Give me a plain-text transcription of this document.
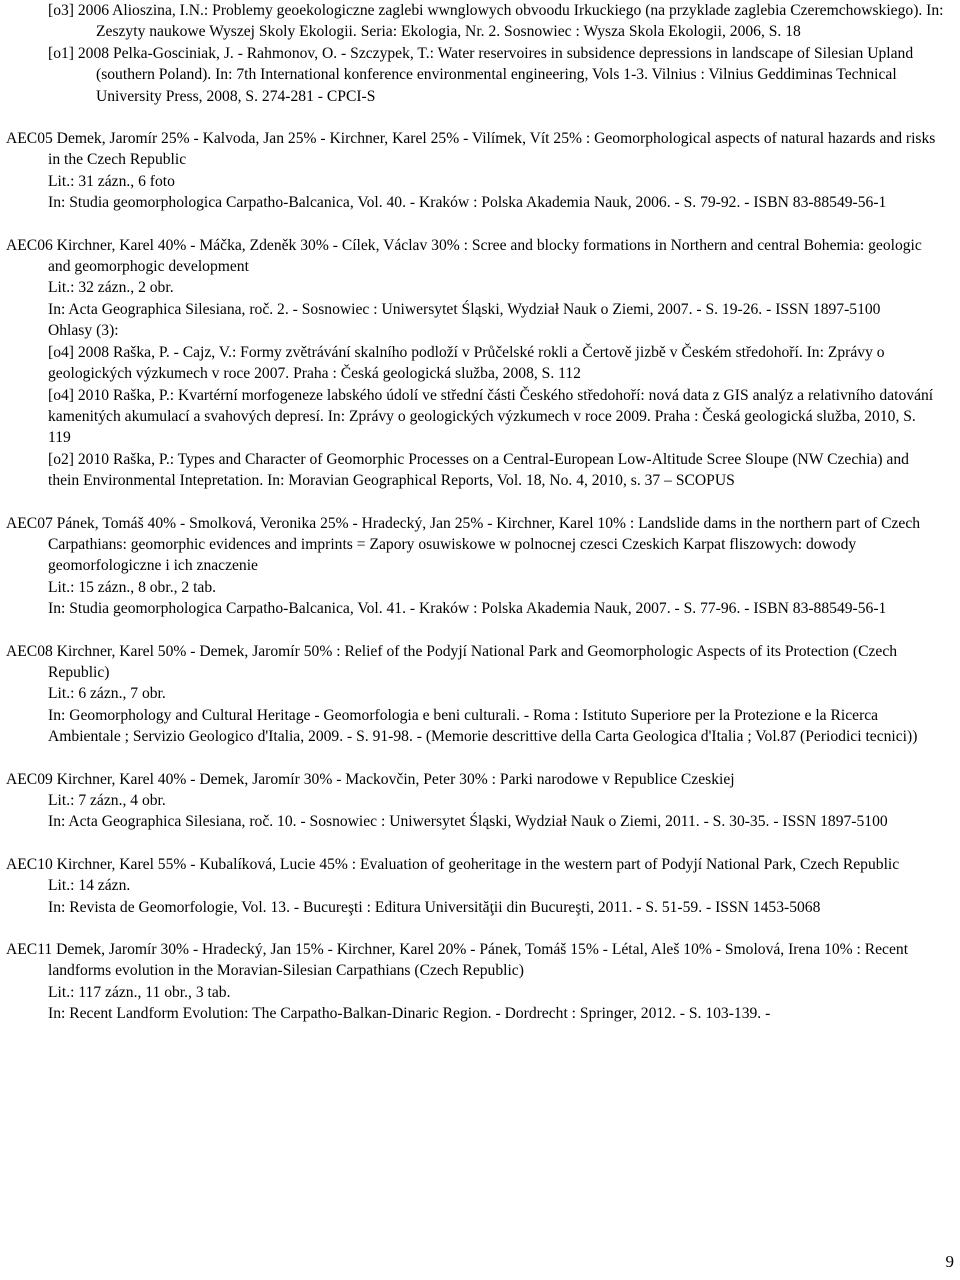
[o3] 2006 Alioszina, I.N.: Problemy geoekologiczne zaglebi wwnglowych obvoodu Irkuckiego (na przyklade zaglebia Czeremchowskiego). In: Zeszyty naukowe Wyszej Skoly Ekologii. Seria: Ekologia, Nr. 2. Sosnowiec : Wysza Skola Ekologii, 2006, S. 18
[o1] 2008 Pelka-Gosciniak, J. - Rahmonov, O. - Szczypek, T.: Water reservoires in subsidence depressions in landscape of Silesian Upland (southern Poland). In: 7th International konference environmental engineering, Vols 1-3. Vilnius : Vilnius Geddiminas Technical University Press, 2008, S. 274-281 - CPCI-S
AEC05 Demek, Jaromír 25% - Kalvoda, Jan 25% - Kirchner, Karel 25% - Vilímek, Vít 25% : Geomorphological aspects of natural hazards and risks in the Czech Republic
Lit.: 31 zázn., 6 foto
In: Studia geomorphologica Carpatho-Balcanica, Vol. 40. - Kraków : Polska Akademia Nauk, 2006. - S. 79-92. - ISBN 83-88549-56-1
AEC06 Kirchner, Karel 40% - Máčka, Zdeněk 30% - Cílek, Václav 30% : Scree and blocky formations in Northern and central Bohemia: geologic and geomorphogic development
Lit.: 32 zázn., 2 obr.
In: Acta Geographica Silesiana, roč. 2. - Sosnowiec : Uniwersytet Śląski, Wydział Nauk o Ziemi, 2007. - S. 19-26. - ISSN 1897-5100
Ohlasy (3):
[o4] 2008 Raška, P. - Cajz, V.: Formy zvětrávání skalního podloží v Průčelské rokli a Čertově jizbě v Českém středohoří. In: Zprávy o geologických výzkumech v roce 2007. Praha : Česká geologická služba, 2008, S. 112
[o4] 2010 Raška, P.: Kvartérní morfogeneze labského údolí ve střední části Českého středohoří: nová data z GIS analýz a relativního datování kamenitých akumulací a svahových depresí. In: Zprávy o geologických výzkumech v roce 2009. Praha : Česká geologická služba, 2010, S. 119
[o2] 2010 Raška, P.: Types and Character of Geomorphic Processes on a Central-European Low-Altitude Scree Sloupe (NW Czechia) and thein Environmental Intepretation. In: Moravian Geographical Reports, Vol. 18, No. 4, 2010, s. 37 – SCOPUS
AEC07 Pánek, Tomáš 40% - Smolková, Veronika 25% - Hradecký, Jan 25% - Kirchner, Karel 10% : Landslide dams in the northern part of Czech Carpathians: geomorphic evidences and imprints = Zapory osuwiskowe w polnocnej czesci Czeskich Karpat fliszowych: dowody geomorfologiczne i ich znaczenie
Lit.: 15 zázn., 8 obr., 2 tab.
In: Studia geomorphologica Carpatho-Balcanica, Vol. 41. - Kraków : Polska Akademia Nauk, 2007. - S. 77-96. - ISBN 83-88549-56-1
AEC08 Kirchner, Karel 50% - Demek, Jaromír 50% : Relief of the Podyjí National Park and Geomorphologic Aspects of its Protection (Czech Republic)
Lit.: 6 zázn., 7 obr.
In: Geomorphology and Cultural Heritage - Geomorfologia e beni culturali. - Roma : Istituto Superiore per la Protezione e la Ricerca Ambientale ; Servizio Geologico d'Italia, 2009. - S. 91-98. - (Memorie descrittive della Carta Geologica d'Italia ; Vol.87 (Periodici tecnici))
AEC09 Kirchner, Karel 40% - Demek, Jaromír 30% - Mackovčin, Peter 30% : Parki narodowe v Republice Czeskiej
Lit.: 7 zázn., 4 obr.
In: Acta Geographica Silesiana, roč. 10. - Sosnowiec : Uniwersytet Śląski, Wydział Nauk o Ziemi, 2011. - S. 30-35. - ISSN 1897-5100
AEC10 Kirchner, Karel 55% - Kubalíková, Lucie 45% : Evaluation of geoheritage in the western part of Podyjí National Park, Czech Republic
Lit.: 14 zázn.
In: Revista de Geomorfologie, Vol. 13. - Bucureşti : Editura Universităţii din Bucureşti, 2011. - S. 51-59. - ISSN 1453-5068
AEC11 Demek, Jaromír 30% - Hradecký, Jan 15% - Kirchner, Karel 20% - Pánek, Tomáš 15% - Létal, Aleš 10% - Smolová, Irena 10% : Recent landforms evolution in the Moravian-Silesian Carpathians (Czech Republic)
Lit.: 117 zázn., 11 obr., 3 tab.
In: Recent Landform Evolution: The Carpatho-Balkan-Dinaric Region. - Dordrecht : Springer, 2012. - S. 103-139. -
9
